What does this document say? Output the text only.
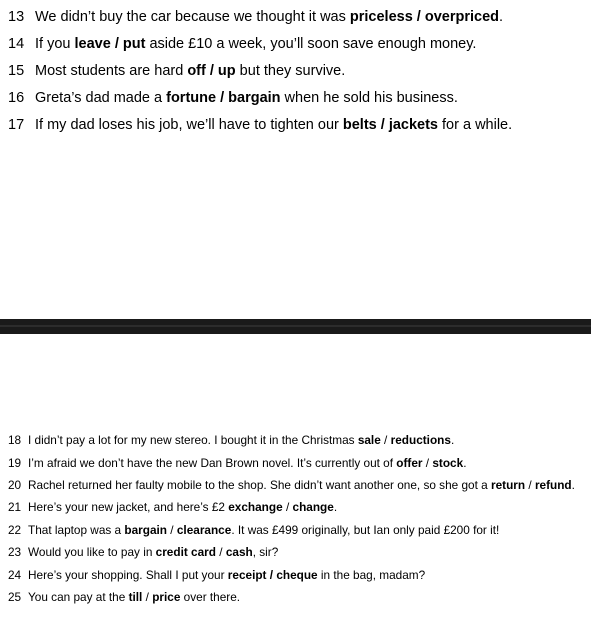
13 We didn’t buy the car because we thought it was priceless / overpriced.
14 If you leave / put aside £10 a week, you’ll soon save enough money.
15 Most students are hard off / up but they survive.
16 Greta’s dad made a fortune / bargain when he sold his business.
17 If my dad loses his job, we’ll have to tighten our belts / jackets for a while.
18 I didn’t pay a lot for my new stereo. I bought it in the Christmas sale / reductions.
19 I’m afraid we don’t have the new Dan Brown novel. It’s currently out of offer / stock.
20 Rachel returned her faulty mobile to the shop. She didn’t want another one, so she got a return / refund.
21 Here’s your new jacket, and here’s £2 exchange / change.
22 That laptop was a bargain / clearance. It was £499 originally, but Ian only paid £200 for it!
23 Would you like to pay in credit card / cash, sir?
24 Here’s your shopping. Shall I put your receipt / cheque in the bag, madam?
25 You can pay at the till / price over there.
